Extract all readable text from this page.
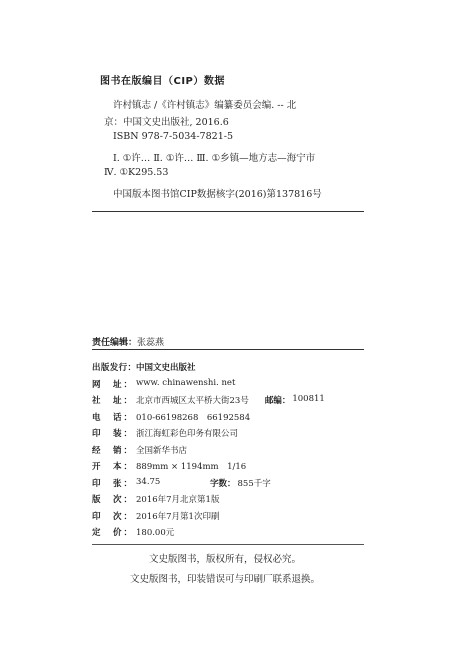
图书在版编目（CIP）数据
许村镇志 /《许村镇志》编纂委员会编. -- 北
京：中国文史出版社, 2016.6
ISBN 978-7-5034-7821-5
Ⅰ. ①许… Ⅱ. ①许… Ⅲ. ①乡镇—地方志—海宁市
Ⅳ. ①K295.53
中国版本图书馆CIP数据核字(2016)第137816号
责任编辑：张蕊燕
出版发行： 中国文史出版社
网　址： www. chinawenshi. net
社　址： 北京市西城区太平桥大街23号 邮编： 100811
电　话： 010-66198268　66192584
印　装： 浙江海虹彩色印务有限公司
经　销： 全国新华书店
开　本： 889mm × 1194mm　1/16
印　张： 34.75	字数： 855千字
版　次： 2016年7月北京第1版
印　次： 2016年7月第1次印刷
定　价： 180.00元
文史版图书，版权所有，侵权必究。
文史版图书，印装错误可与印刷厂联系退换。
